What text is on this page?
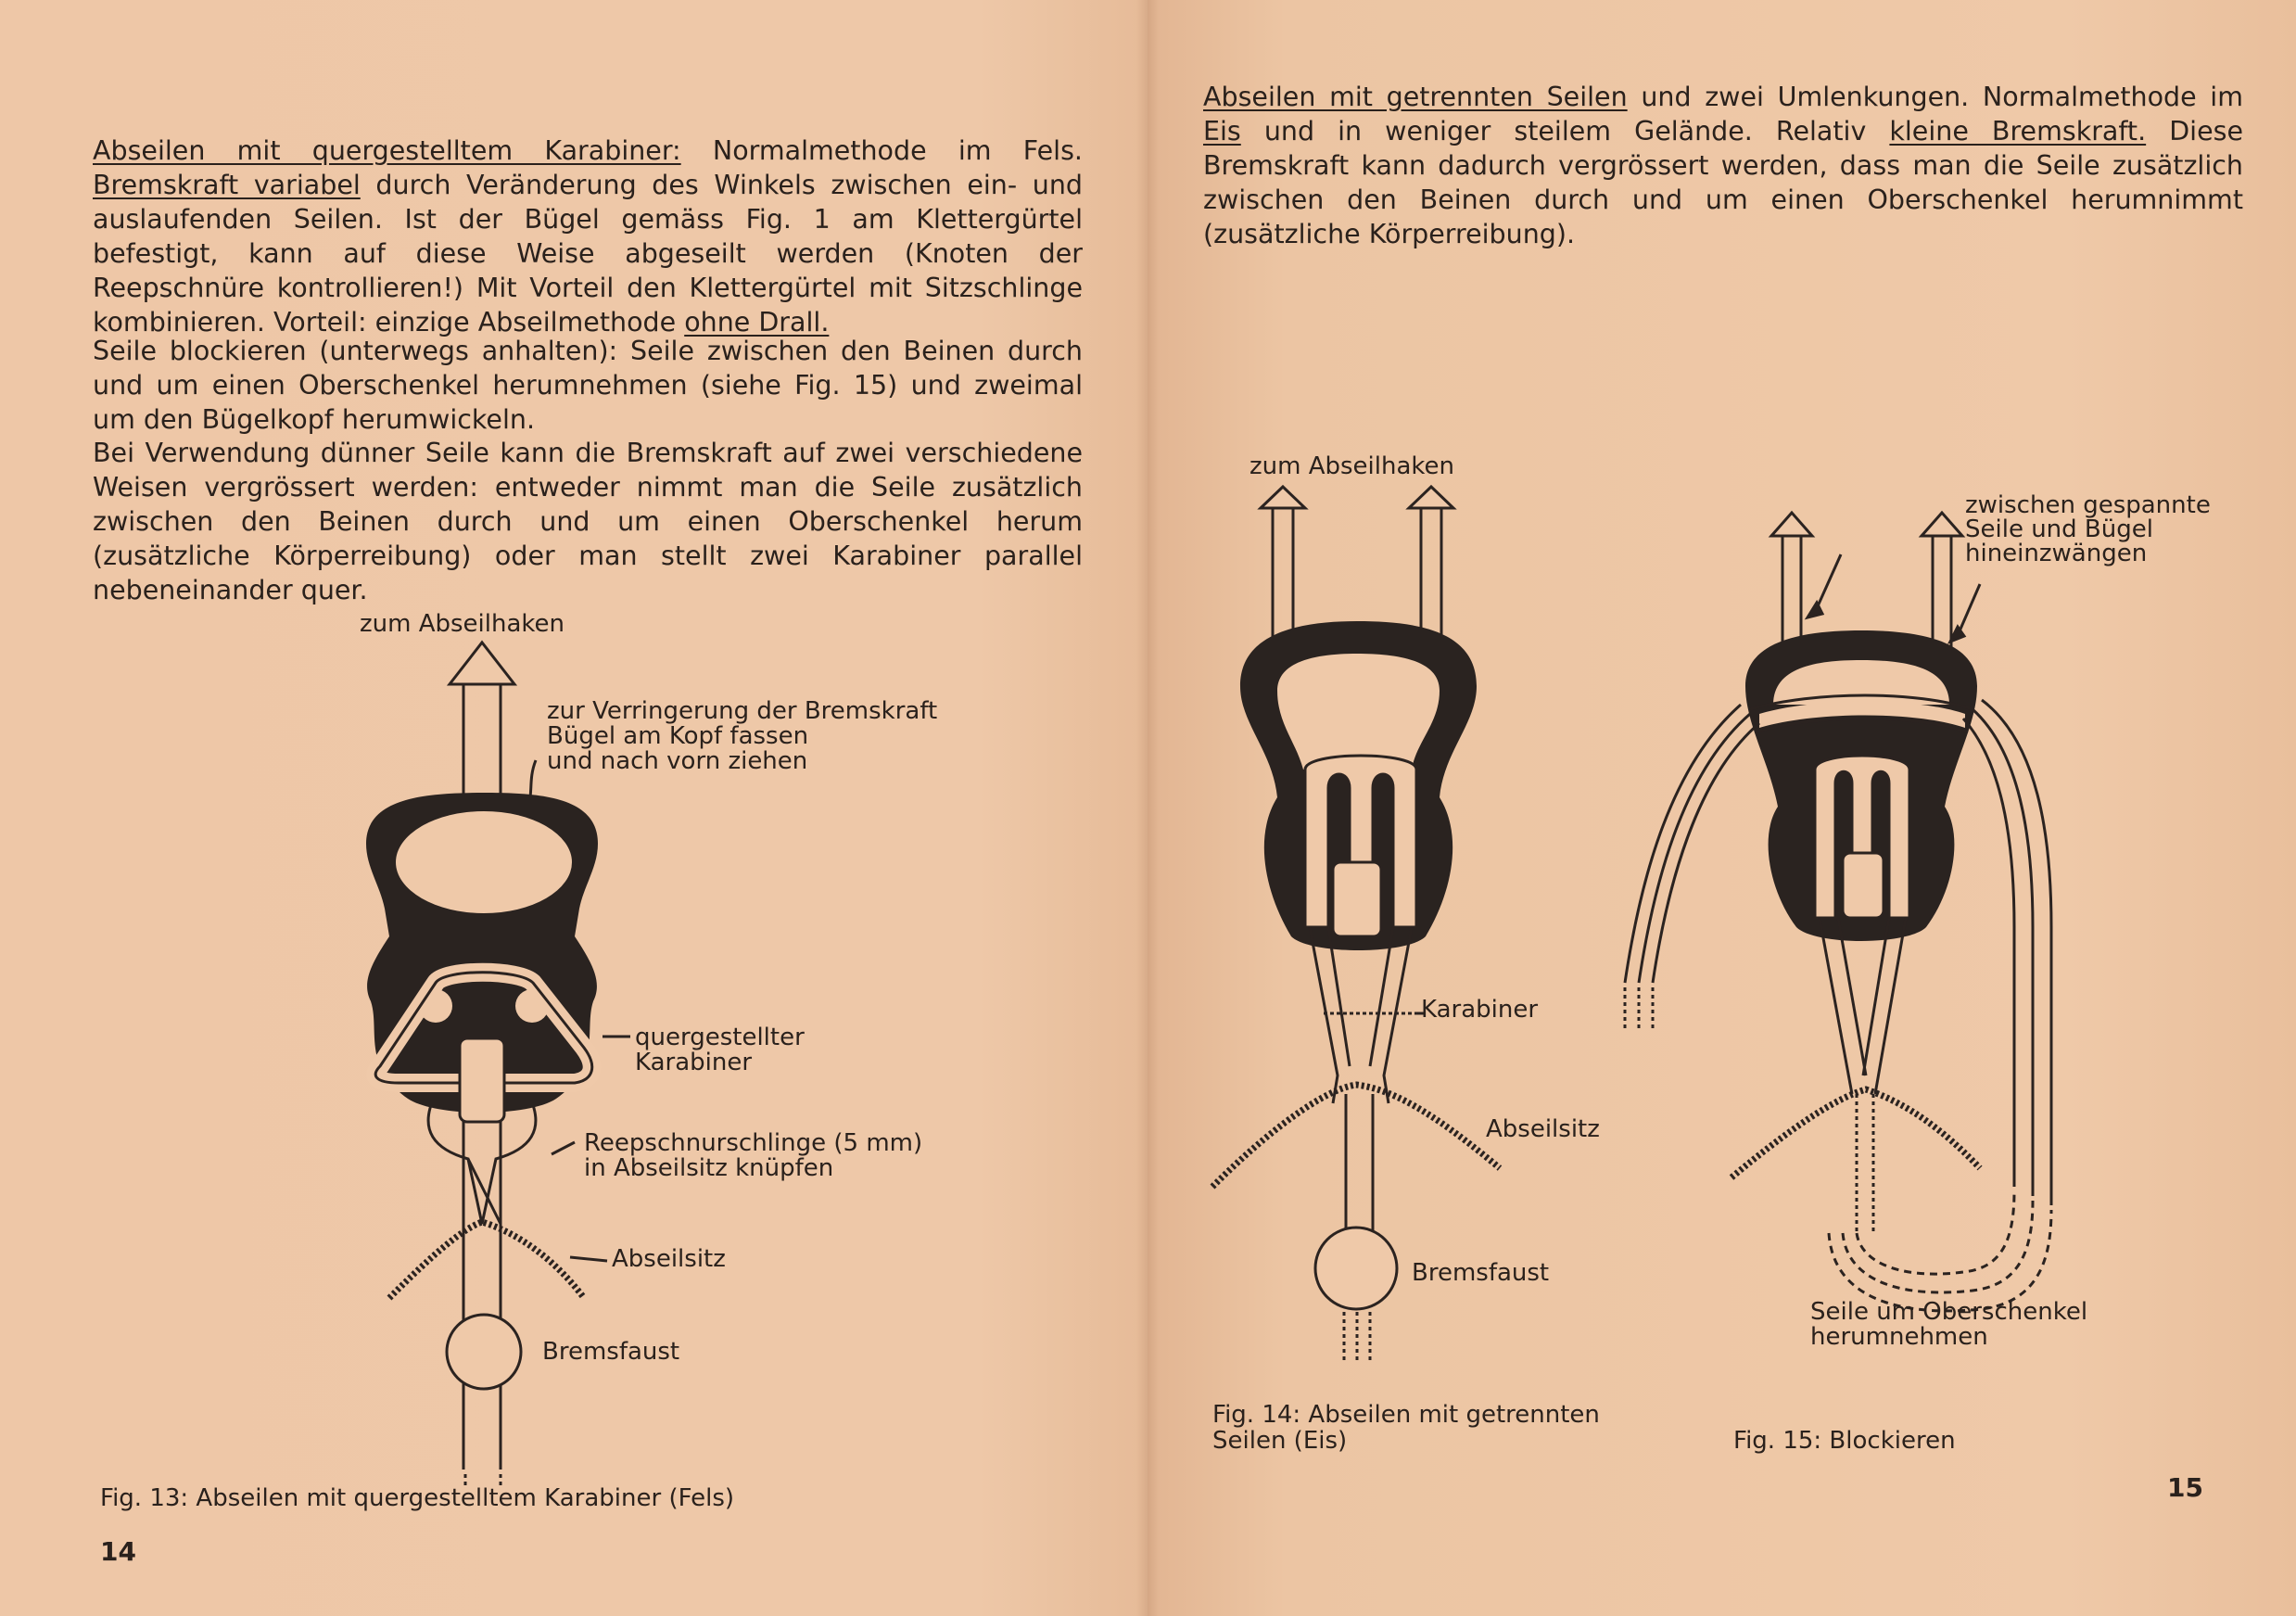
Abseilen mit quergestelltem Karabiner: Normalmethode im Fels. Bremskraft variabel durch Veränderung des Winkels zwischen ein- und auslaufenden Seilen. Ist der Bügel gemäss Fig. 1 am Klettergürtel befestigt, kann auf diese Weise abgeseilt werden (Knoten der Reepschnüre kontrollieren!) Mit Vorteil den Klettergürtel mit Sitzschlinge kombinieren. Vorteil: einzige Abseilmethode ohne Drall.

Seile blockieren (unterwegs anhalten): Seile zwischen den Beinen durch und um einen Oberschenkel herumnehmen (siehe Fig. 15) und zweimal um den Bügelkopf herumwickeln.

Bei Verwendung dünner Seile kann die Bremskraft auf zwei verschiedene Weisen vergrössert werden: entweder nimmt man die Seile zusätzlich zwischen den Beinen durch und um einen Oberschenkel herum (zusätzliche Körperreibung) oder man stellt zwei Karabiner parallel nebeneinander quer.

zum Abseilhaken
zur Verringerung der Bremskraft
Bügel am Kopf fassen
und nach vorn ziehen
quergestellter
Karabiner
Reepschnurschlinge (5 mm)
in Abseilsitz knüpfen
Abseilsitz
Bremsfaust
Fig. 13: Abseilen mit quergestelltem Karabiner (Fels)
14

Abseilen mit getrennten Seilen und zwei Umlenkungen. Normalmethode im Eis und in weniger steilem Gelände. Relativ kleine Bremskraft. Diese Bremskraft kann dadurch vergrössert werden, dass man die Seile zusätzlich zwischen den Beinen durch und um einen Oberschenkel herumnimmt (zusätzliche Körperreibung).

zum Abseilhaken
Karabiner
Abseilsitz
Bremsfaust
zwischen gespannte
Seile und Bügel
hineinzwängen
Seile um Oberschenkel
herumnehmen
Fig. 14: Abseilen mit getrennten
Seilen (Eis)	Fig. 15: Blockieren
15
